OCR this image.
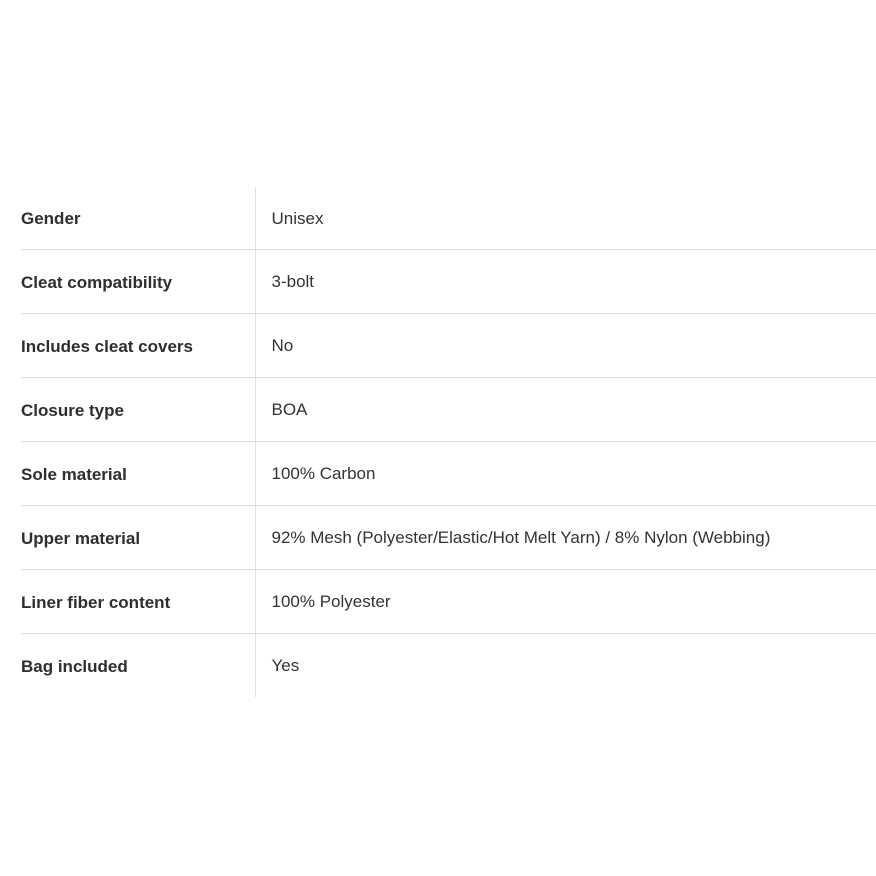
Gender	Unisex
Cleat compatibility	3-bolt
Includes cleat covers	No
Closure type	BOA
Sole material	100% Carbon
Upper material	92% Mesh (Polyester/Elastic/Hot Melt Yarn) / 8% Nylon (Webbing)
Liner fiber content	100% Polyester
Bag included	Yes
